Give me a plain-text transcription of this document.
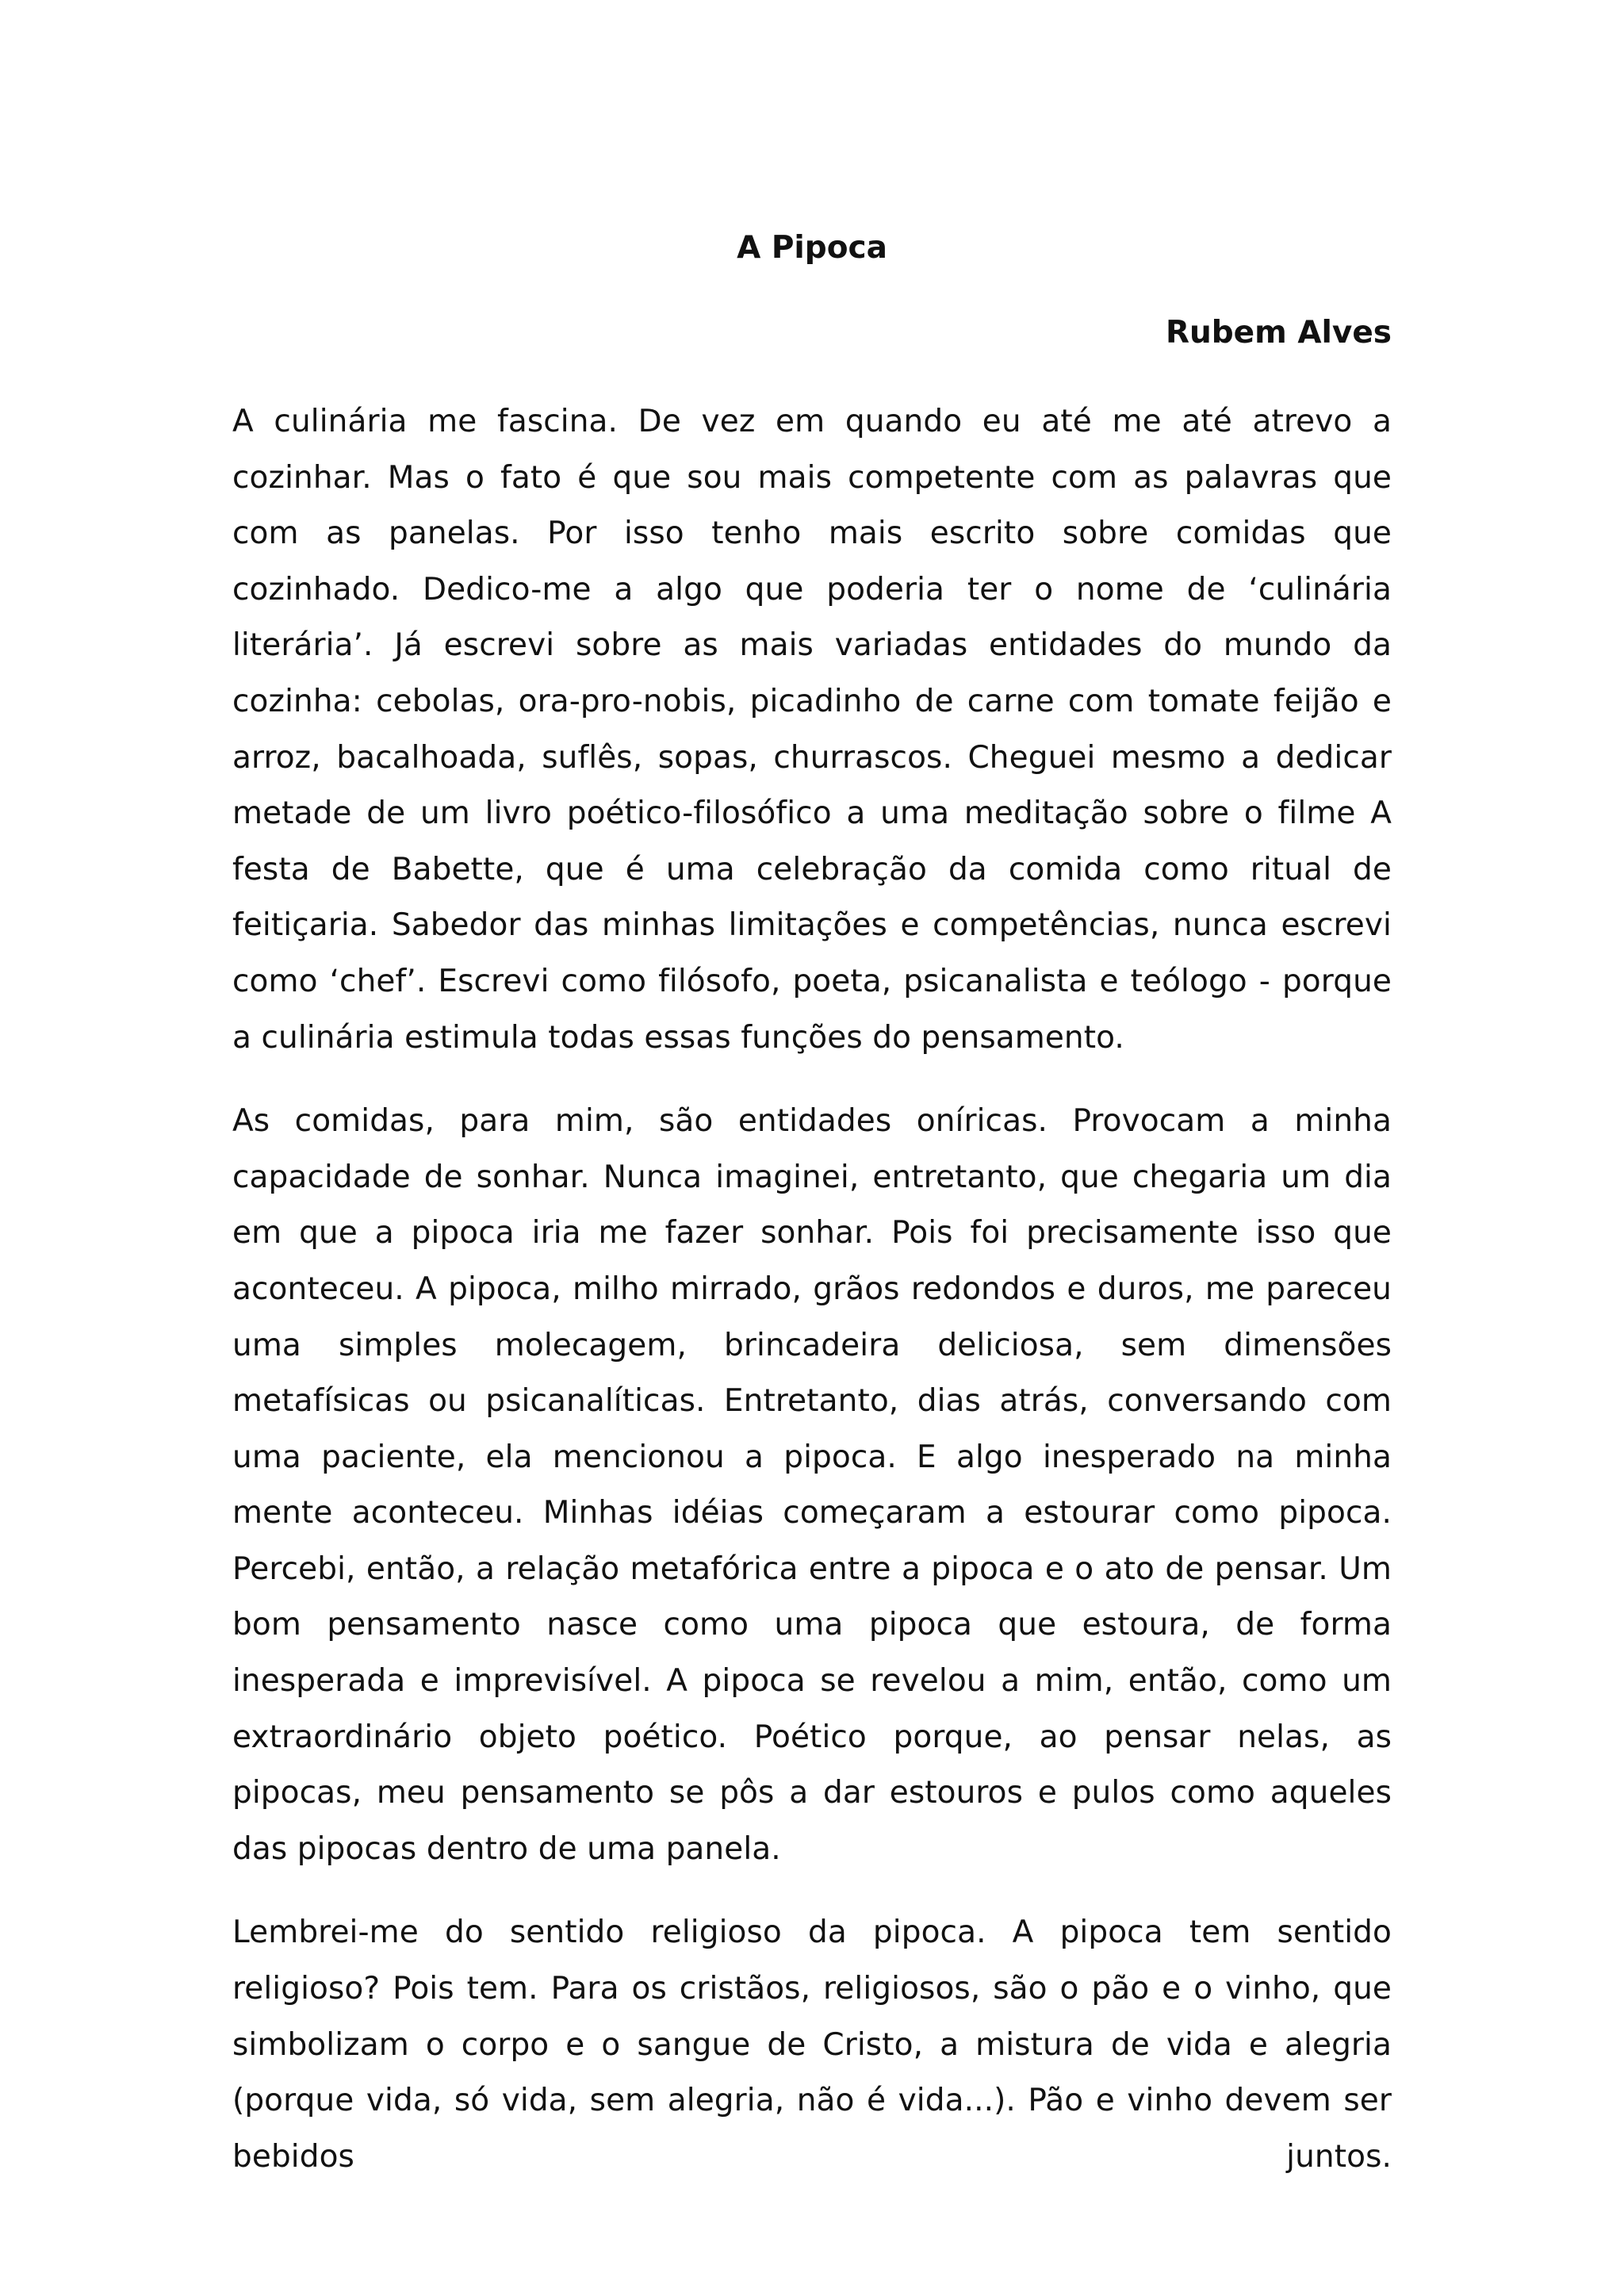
A Pipoca
Rubem Alves

A culinária me fascina. De vez em quando eu até me até atrevo a cozinhar. Mas o fato é que sou mais competente com as palavras que com as panelas. Por isso tenho mais escrito sobre comidas que cozinhado. Dedico-me a algo que poderia ter o nome de ‘culinária literária’. Já escrevi sobre as mais variadas entidades do mundo da cozinha: cebolas, ora-pro-nobis, picadinho de carne com tomate feijão e arroz, bacalhoada, suflês, sopas, churrascos. Cheguei mesmo a dedicar metade de um livro poético-filosófico a uma meditação sobre o filme A festa de Babette, que é uma celebração da comida como ritual de feitiçaria. Sabedor das minhas limitações e competências, nunca escrevi como ‘chef’. Escrevi como filósofo, poeta, psicanalista e teólogo - porque a culinária estimula todas essas funções do pensamento.

As comidas, para mim, são entidades oníricas. Provocam a minha capacidade de sonhar. Nunca imaginei, entretanto, que chegaria um dia em que a pipoca iria me fazer sonhar. Pois foi precisamente isso que aconteceu. A pipoca, milho mirrado, grãos redondos e duros, me pareceu uma simples molecagem, brincadeira deliciosa, sem dimensões metafísicas ou psicanalíticas. Entretanto, dias atrás, conversando com uma paciente, ela mencionou a pipoca. E algo inesperado na minha mente aconteceu. Minhas idéias começaram a estourar como pipoca. Percebi, então, a relação metafórica entre a pipoca e o ato de pensar. Um bom pensamento nasce como uma pipoca que estoura, de forma inesperada e imprevisível. A pipoca se revelou a mim, então, como um extraordinário objeto poético. Poético porque, ao pensar nelas, as pipocas, meu pensamento se pôs a dar estouros e pulos como aqueles das pipocas dentro de uma panela.

Lembrei-me do sentido religioso da pipoca. A pipoca tem sentido religioso? Pois tem. Para os cristãos, religiosos, são o pão e o vinho, que simbolizam o corpo e o sangue de Cristo, a mistura de vida e alegria (porque vida, só vida, sem alegria, não é vida...). Pão e vinho devem ser bebidos juntos.
